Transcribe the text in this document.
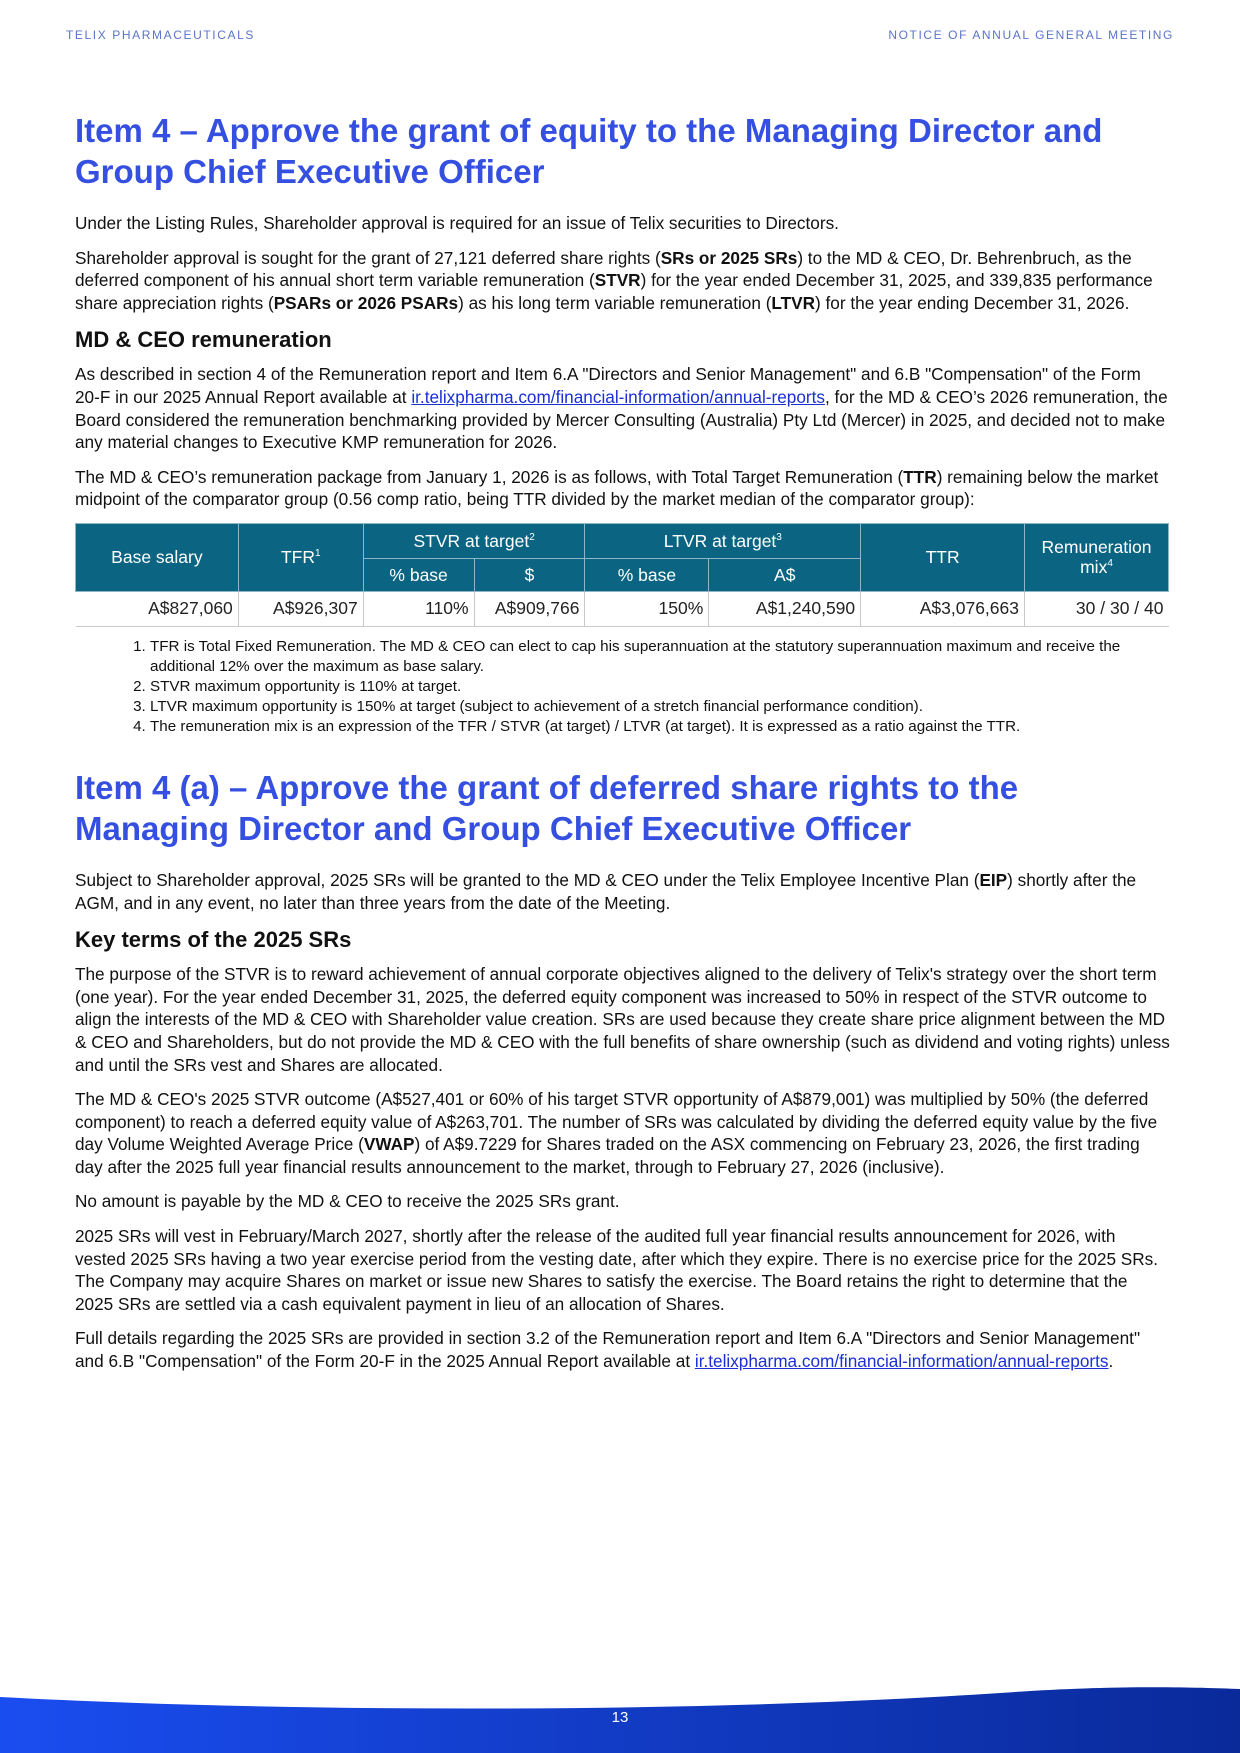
TELIX PHARMACEUTICALS	NOTICE OF ANNUAL GENERAL MEETING
Item 4 – Approve the grant of equity to the Managing Director and Group Chief Executive Officer

Under the Listing Rules, Shareholder approval is required for an issue of Telix securities to Directors.

Shareholder approval is sought for the grant of 27,121 deferred share rights (SRs or 2025 SRs) to the MD & CEO, Dr. Behrenbruch, as the deferred component of his annual short term variable remuneration (STVR) for the year ended December 31, 2025, and 339,835 performance share appreciation rights (PSARs or 2026 PSARs) as his long term variable remuneration (LTVR) for the year ending December 31, 2026.

MD & CEO remuneration

As described in section 4 of the Remuneration report and Item 6.A "Directors and Senior Management" and 6.B "Compensation" of the Form 20-F in our 2025 Annual Report available at ir.telixpharma.com/financial-information/annual-reports, for the MD & CEO’s 2026 remuneration, the Board considered the remuneration benchmarking provided by Mercer Consulting (Australia) Pty Ltd (Mercer) in 2025, and decided not to make any material changes to Executive KMP remuneration for 2026.

The MD & CEO’s remuneration package from January 1, 2026 is as follows, with Total Target Remuneration (TTR) remaining below the market midpoint of the comparator group (0.56 comp ratio, being TTR divided by the market median of the comparator group):

Base salary	TFR$^1$	STVR at target$^2$		LTVR at target$^3$		TTR	Remuneration mix$^4$
		% base	$	% base	A$		
A$827,060	A$926,307	110%	A$909,766	150%	A$1,240,590	A$3,076,663	30 / 30 / 40
1. TFR is Total Fixed Remuneration. The MD & CEO can elect to cap his superannuation at the statutory superannuation maximum and receive the additional 12% over the maximum as base salary.
2. STVR maximum opportunity is 110% at target.
3. LTVR maximum opportunity is 150% at target (subject to achievement of a stretch financial performance condition).
4. The remuneration mix is an expression of the TFR / STVR (at target) / LTVR (at target). It is expressed as a ratio against the TTR.
Item 4 (a) – Approve the grant of deferred share rights to the Managing Director and Group Chief Executive Officer

Subject to Shareholder approval, 2025 SRs will be granted to the MD & CEO under the Telix Employee Incentive Plan (EIP) shortly after the AGM, and in any event, no later than three years from the date of the Meeting.

Key terms of the 2025 SRs

The purpose of the STVR is to reward achievement of annual corporate objectives aligned to the delivery of Telix's strategy over the short term (one year). For the year ended December 31, 2025, the deferred equity component was increased to 50% in respect of the STVR outcome to align the interests of the MD & CEO with Shareholder value creation. SRs are used because they create share price alignment between the MD & CEO and Shareholders, but do not provide the MD & CEO with the full benefits of share ownership (such as dividend and voting rights) unless and until the SRs vest and Shares are allocated.

The MD & CEO's 2025 STVR outcome (A$527,401 or 60% of his target STVR opportunity of A$879,001) was multiplied by 50% (the deferred component) to reach a deferred equity value of A$263,701. The number of SRs was calculated by dividing the deferred equity value by the five day Volume Weighted Average Price (VWAP) of A$9.7229 for Shares traded on the ASX commencing on February 23, 2026, the first trading day after the 2025 full year financial results announcement to the market, through to February 27, 2026 (inclusive).

No amount is payable by the MD & CEO to receive the 2025 SRs grant.

2025 SRs will vest in February/March 2027, shortly after the release of the audited full year financial results announcement for 2026, with vested 2025 SRs having a two year exercise period from the vesting date, after which they expire. There is no exercise price for the 2025 SRs. The Company may acquire Shares on market or issue new Shares to satisfy the exercise. The Board retains the right to determine that the 2025 SRs are settled via a cash equivalent payment in lieu of an allocation of Shares.

Full details regarding the 2025 SRs are provided in section 3.2 of the Remuneration report and Item 6.A "Directors and Senior Management" and 6.B "Compensation" of the Form 20-F in the 2025 Annual Report available at ir.telixpharma.com/financial-information/annual-reports.

13
